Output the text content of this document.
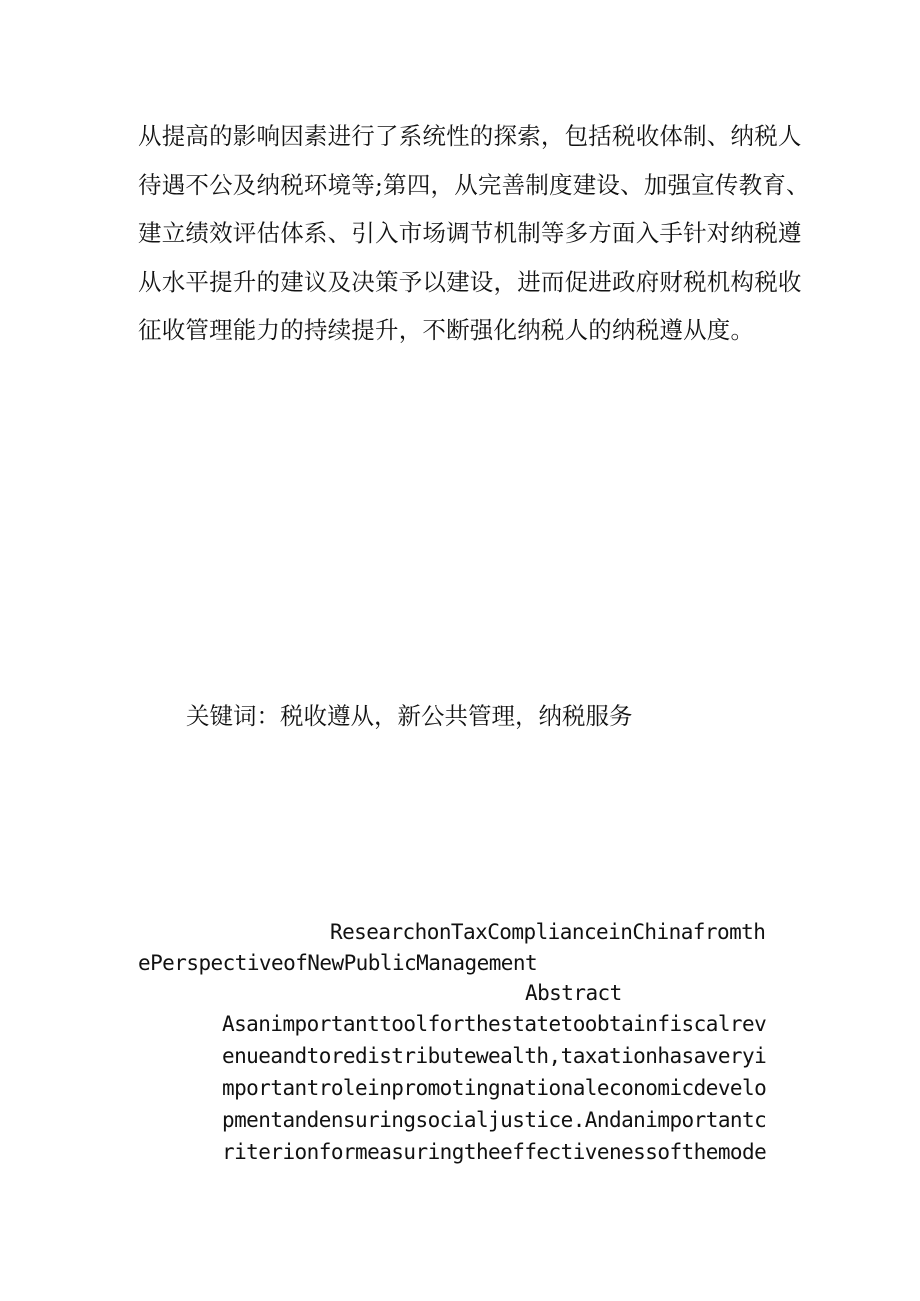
从提高的影响因素进行了系统性的探索，包括税收体制、纳税人
待遇不公及纳税环境等;第四，从完善制度建设、加强宣传教育、
建立绩效评估体系、引入市场调节机制等多方面入手针对纳税遵
从水平提升的建议及决策予以建设，进而促进政府财税机构税收
征收管理能力的持续提升，不断强化纳税人的纳税遵从度。

关键词：税收遵从，新公共管理，纳税服务

ResearchonTaxComplianceinChinafromth

ePerspectiveofNewPublicManagement

Abstract

Asanimportanttoolforthestatetoobtainfiscalrev
enueandtoredistributewealth,taxationhasaveryi
mportantroleinpromotingnationaleconomicdevelo
pmentandensuringsocialjustice.Andanimportantc
riterionformeasuringtheeffectivenessofthemode
